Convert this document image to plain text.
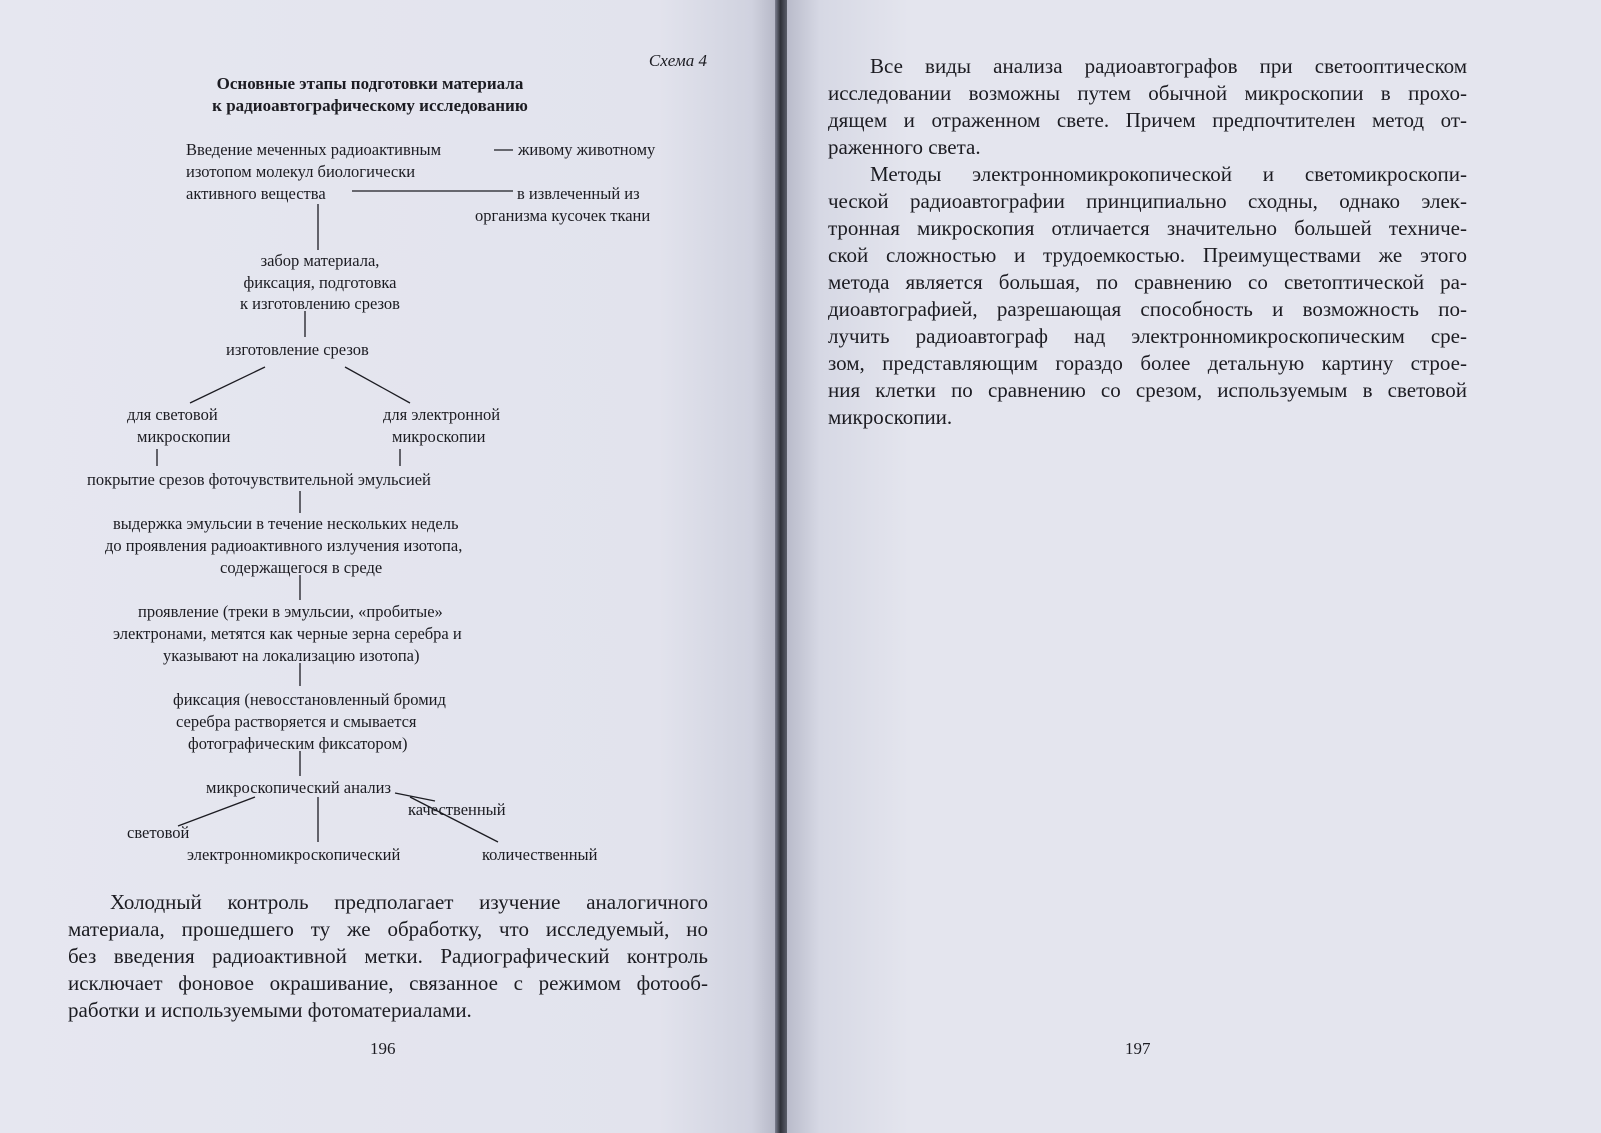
Схема 4
Основные этапы подготовки материала
к радиоавтографическому исследованию
Введение меченных радиоактивным
изотопом молекул биологически
активного вещества
живому животному
в извлеченный из
организма кусочек ткани
забор материала,
фиксация, подготовка
к изготовлению срезов
изготовление срезов
для световой
микроскопии
для электронной
микроскопии
покрытие срезов фоточувствительной эмульсией
выдержка эмульсии в течение нескольких недель
до проявления радиоактивного излучения изотопа,
содержащегося в среде
проявление (треки в эмульсии, «пробитые»
электронами, метятся как черные зерна серебра и
указывают на локализацию изотопа)
фиксация (невосстановленный бромид
серебра растворяется и смывается
фотографическим фиксатором)
микроскопический анализ
качественный
световой
электронномикроскопический	количественный
Холодный контроль предполагает изучение аналогичного
материала, прошедшего ту же обработку, что исследуемый, но
без введения радиоактивной метки. Радиографический контроль
исключает фоновое окрашивание, связанное с режимом фотооб-
работки и используемыми фотоматериалами.
196
Все виды анализа радиоавтографов при светооптическом
исследовании возможны путем обычной микроскопии в прохо-
дящем и отраженном свете. Причем предпочтителен метод от-
раженного света.
Методы электронномикрокопической и светомикроскопи-
ческой радиоавтографии принципиально сходны, однако элек-
тронная микроскопия отличается значительно большей техниче-
ской сложностью и трудоемкостью. Преимуществами же этого
метода является большая, по сравнению со светоптической ра-
диоавтографией, разрешающая способность и возможность по-
лучить радиоавтограф над электронномикроскопическим сре-
зом, представляющим гораздо более детальную картину строе-
ния клетки по сравнению со срезом, используемым в световой
микроскопии.
197
